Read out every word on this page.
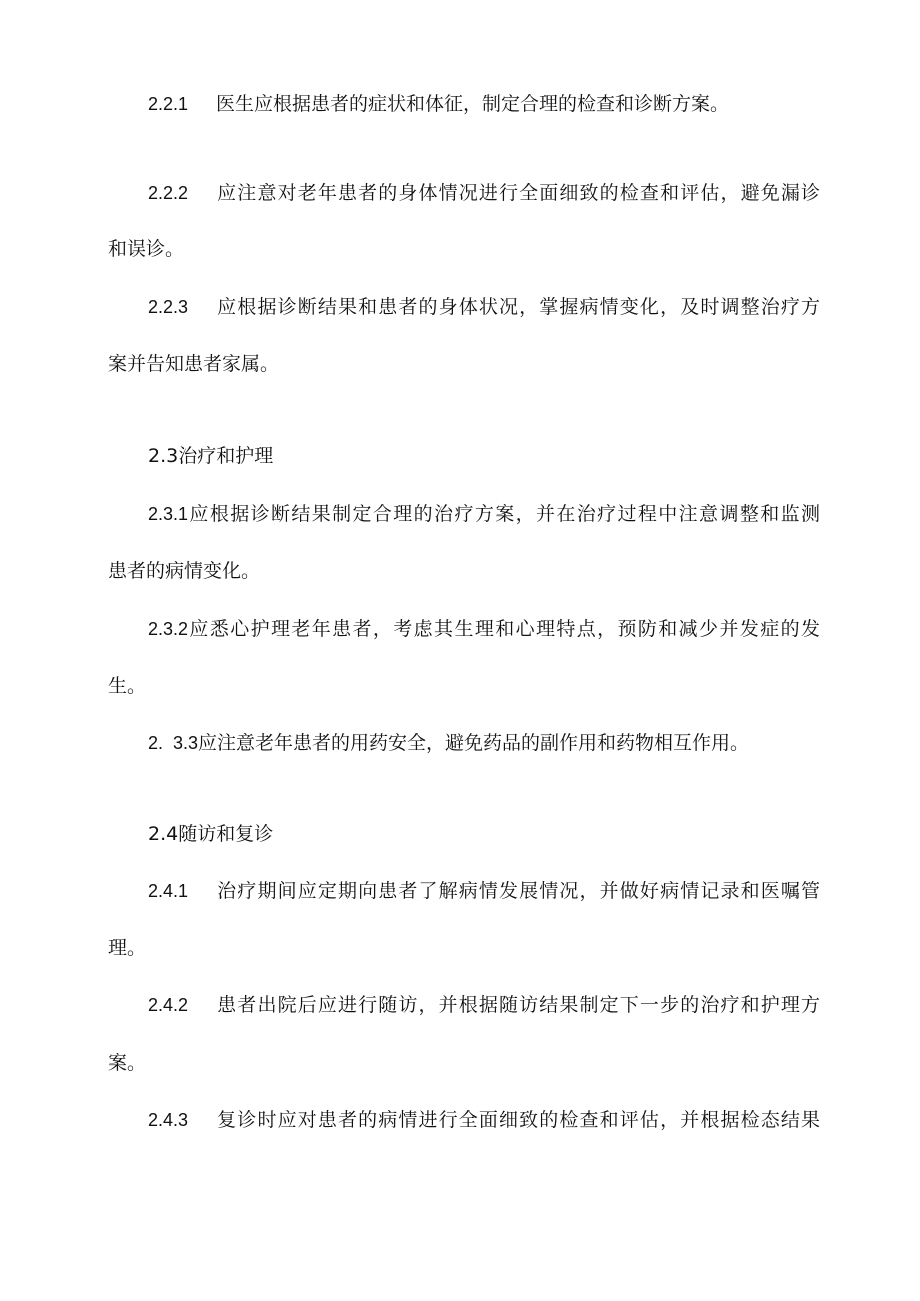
2.2.1 医生应根据患者的症状和体征，制定合理的检查和诊断方案。
2.2.2 应注意对老年患者的身体情况进行全面细致的检查和评估，避免漏诊
和误诊。
2.2.3 应根据诊断结果和患者的身体状况，掌握病情变化，及时调整治疗方
案并告知患者家属。
2.3治疗和护理
2.3.1应根据诊断结果制定合理的治疗方案，并在治疗过程中注意调整和监测
患者的病情变化。
2.3.2应悉心护理老年患者，考虑其生理和心理特点，预防和减少并发症的发
生。
2.  3.3应注意老年患者的用药安全，避免药品的副作用和药物相互作用。
2.4随访和复诊
2.4.1 治疗期间应定期向患者了解病情发展情况，并做好病情记录和医嘱管
理。
2.4.2 患者出院后应进行随访，并根据随访结果制定下一步的治疗和护理方
案。
2.4.3 复诊时应对患者的病情进行全面细致的检查和评估，并根据检态结果
